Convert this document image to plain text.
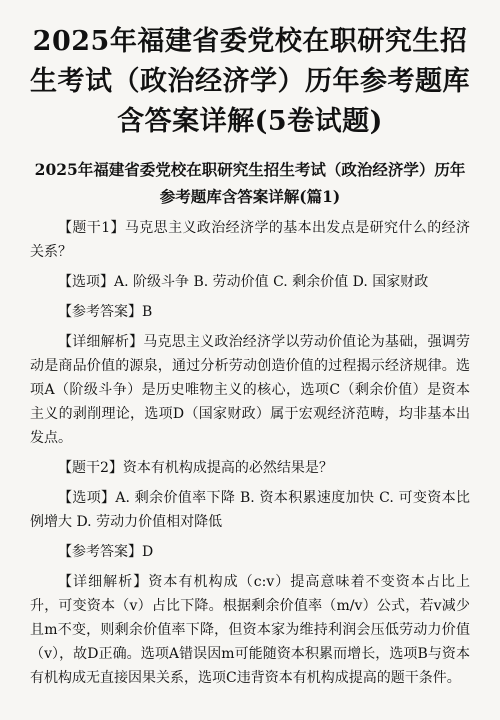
2025年福建省委党校在职研究生招生考试（政治经济学）历年参考题库含答案详解(5卷试题)
2025年福建省委党校在职研究生招生考试（政治经济学）历年参考题库含答案详解(篇1)

【题干1】马克思主义政治经济学的基本出发点是研究什么的经济关系？

【选项】A. 阶级斗争 B. 劳动价值 C. 剩余价值 D. 国家财政

【参考答案】B

【详细解析】马克思主义政治经济学以劳动价值论为基础，强调劳动是商品价值的源泉，通过分析劳动创造价值的过程揭示经济规律。选项A（阶级斗争）是历史唯物主义的核心，选项C（剩余价值）是资本主义的剥削理论，选项D（国家财政）属于宏观经济范畴，均非基本出发点。

【题干2】资本有机构成提高的必然结果是？

【选项】A. 剩余价值率下降 B. 资本积累速度加快 C. 可变资本比例增大 D. 劳动力价值相对降低

【参考答案】D

【详细解析】资本有机构成（c:v）提高意味着不变资本占比上升，可变资本（v）占比下降。根据剩余价值率（m/v）公式，若v减少且m不变，则剩余价值率下降，但资本家为维持利润会压低劳动力价值（v），故D正确。选项A错误因m可能随资本积累而增长，选项B与资本有机构成无直接因果关系，选项C违背资本有机构成提高的题干条件。
